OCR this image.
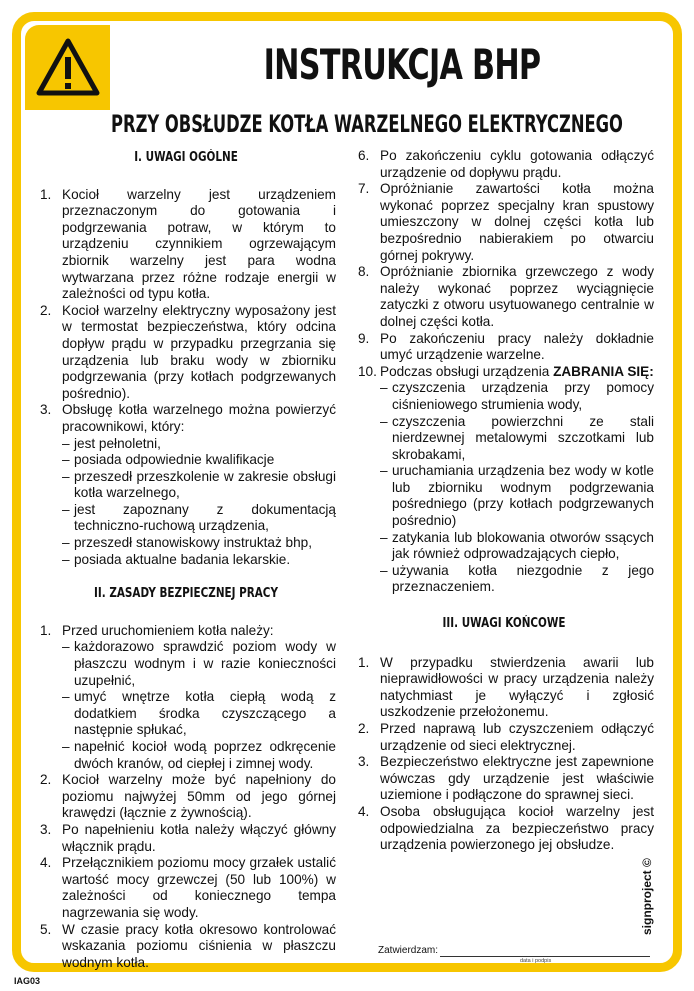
INSTRUKCJA BHP
PRZY OBSŁUDZE KOTŁA WARZELNEGO ELEKTRYCZNEGO
I. UWAGI OGÓLNE
1. Kocioł warzelny jest urządzeniem przeznaczonym do gotowania i podgrzewania potraw, w którym to urządzeniu czynnikiem ogrzewającym zbiornik warzelny jest para wodna wytwarzana przez różne rodzaje energii w zależności od typu kotła.
2. Kocioł warzelny elektryczny wyposażony jest w termostat bezpieczeństwa, który odcina dopływ prądu w przypadku przegrzania się urządzenia lub braku wody w zbiorniku podgrzewania (przy kotłach podgrzewanych pośrednio).
3. Obsługę kotła warzelnego można powierzyć pracownikowi, który:
– jest pełnoletni,
– posiada odpowiednie kwalifikacje
– przeszedł przeszkolenie w zakresie obsługi kotła warzelnego,
– jest zapoznany z dokumentacją techniczno-ruchową urządzenia,
– przeszedł stanowiskowy instruktaż bhp,
– posiada aktualne badania lekarskie.
II. ZASADY BEZPIECZNEJ PRACY
1. Przed uruchomieniem kotła należy:
– każdorazowo sprawdzić poziom wody w płaszczu wodnym i w razie konieczności uzupełnić,
– umyć wnętrze kotła ciepłą wodą z dodatkiem środka czyszczącego a następnie spłukać,
– napełnić kocioł wodą poprzez odkręcenie dwóch kranów, od ciepłej i zimnej wody.
2. Kocioł warzelny może być napełniony do poziomu najwyżej 50mm od jego górnej krawędzi (łącznie z żywnością).
3. Po napełnieniu kotła należy włączyć główny włącznik prądu.
4. Przełącznikiem poziomu mocy grzałek ustalić wartość mocy grzewczej (50 lub 100%) w zależności od koniecznego tempa nagrzewania się wody.
5. W czasie pracy kotła okresowo kontrolować wskazania poziomu ciśnienia w płaszczu wodnym kotła.
6. Po zakończeniu cyklu gotowania odłączyć urządzenie od dopływu prądu.
7. Opróżnianie zawartości kotła można wykonać poprzez specjalny kran spustowy umieszczony w dolnej części kotła lub bezpośrednio nabierakiem po otwarciu górnej pokrywy.
8. Opróżnianie zbiornika grzewczego z wody należy wykonać poprzez wyciągnięcie zatyczki z otworu usytuowanego centralnie w dolnej części kotła.
9. Po zakończeniu pracy należy dokładnie umyć urządzenie warzelne.
10. Podczas obsługi urządzenia ZABRANIA SIĘ:
– czyszczenia urządzenia przy pomocy ciśnieniowego strumienia wody,
– czyszczenia powierzchni ze stali nierdzewnej metalowymi szczotkami lub skrobakami,
– uruchamiania urządzenia bez wody w kotle lub zbiorniku wodnym podgrzewania pośredniego (przy kotłach podgrzewanych pośrednio)
– zatykania lub blokowania otworów ssących jak również odprowadzających ciepło,
– używania kotła niezgodnie z jego przeznaczeniem.
III. UWAGI KOŃCOWE
1. W przypadku stwierdzenia awarii lub nieprawidłowości w pracy urządzenia należy natychmiast je wyłączyć i zgłosić uszkodzenie przełożonemu.
2. Przed naprawą lub czyszczeniem odłączyć urządzenie od sieci elektrycznej.
3. Bezpieczeństwo elektryczne jest zapewnione wówczas gdy urządzenie jest właściwie uziemione i podłączone do sprawnej sieci.
4. Osoba obsługująca kocioł warzelny jest odpowiedzialna za bezpieczeństwo pracy urządzenia powierzonego jej obsłudze.
Zatwierdzam:
data i podpis
IAG03
signproject ©
